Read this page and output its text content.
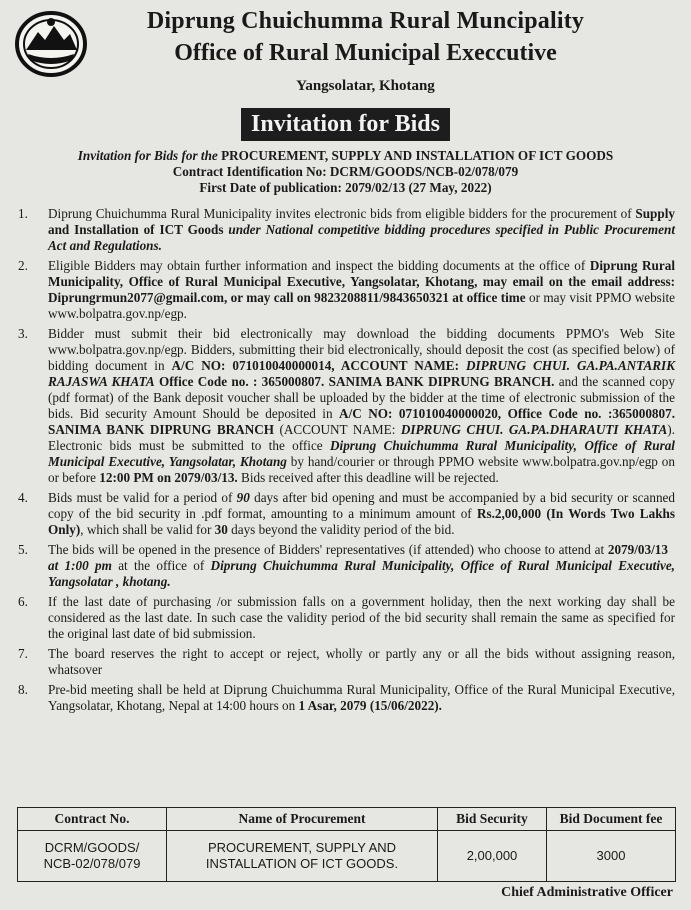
Diprung Chuichumma Rural Muncipality
Office of Rural Municipal Execcutive
Yangsolatar, Khotang
Invitation for Bids
Invitation for Bids for the PROCUREMENT, SUPPLY AND INSTALLATION OF ICT GOODS
Contract Identification No: DCRM/GOODS/NCB-02/078/079
First Date of publication: 2079/02/13 (27 May, 2022)
1.	Diprung Chuichumma Rural Municipality invites electronic bids from eligible bidders for the procurement of Supply and Installation of ICT Goods under National competitive bidding procedures specified in Public Procurement Act and Regulations.
2.	Eligible Bidders may obtain further information and inspect the bidding documents at the office of Diprung Rural Municipality, Office of Rural Municipal Executive, Yangsolatar, Khotang, may email on the email address: Diprungrmun2077@gmail.com, or may call on 9823208811/9843650321 at office time or may visit PPMO website www.bolpatra.gov.np/egp.
3.	Bidder must submit their bid electronically may download the bidding documents PPMO's Web Site www.bolpatra.gov.np/egp. Bidders, submitting their bid electronically, should deposit the cost (as specified below) of bidding document in A/C NO: 071010040000014, ACCOUNT NAME: DIPRUNG CHUI. GA.PA.ANTARIK RAJASWA KHATA Office Code no. : 365000807. SANIMA BANK DIPRUNG BRANCH. and the scanned copy (pdf format) of the Bank deposit voucher shall be uploaded by the bidder at the time of electronic submission of the bids. Bid security Amount Should be deposited in A/C NO: 071010040000020, Office Code no. :365000807. SANIMA BANK DIPRUNG BRANCH (ACCOUNT NAME: DIPRUNG CHUI. GA.PA.DHARAUTI KHATA). Electronic bids must be submitted to the office Diprung Chuichumma Rural Municipality, Office of Rural Municipal Executive, Yangsolatar, Khotang by hand/courier or through PPMO website www.bolpatra.gov.np/egp on or before 12:00 PM on 2079/03/13. Bids received after this deadline will be rejected.
4.	Bids must be valid for a period of 90 days after bid opening and must be accompanied by a bid security or scanned copy of the bid security in .pdf format, amounting to a minimum amount of Rs.2,00,000 (In Words Two Lakhs Only), which shall be valid for 30 days beyond the validity period of the bid.
5.	The bids will be opened in the presence of Bidders' representatives (if attended) who choose to attend at 2079/03/13   at 1:00 pm at the office of Diprung Chuichumma Rural Municipality, Office of Rural Municipal Executive, Yangsolatar , khotang.
6.	If the last date of purchasing /or submission falls on a government holiday, then the next working day shall be considered as the last date. In such case the validity period of the bid security shall remain the same as specified for the original last date of bid submission.
7.	The board reserves the right to accept or reject, wholly or partly any or all the bids without assigning reason, whatsover
8.	Pre-bid meeting shall be held at Diprung Chuichumma Rural Municipality, Office of the Rural Municipal Executive, Yangsolatar, Khotang, Nepal at 14:00 hours on 1 Asar, 2079 (15/06/2022).
Contract No.	Name of Procurement	Bid Security	Bid Document fee
DCRM/GOODS/ NCB-02/078/079	PROCUREMENT, SUPPLY AND INSTALLATION OF ICT GOODS.	2,00,000	3000
Chief Administrative Officer
